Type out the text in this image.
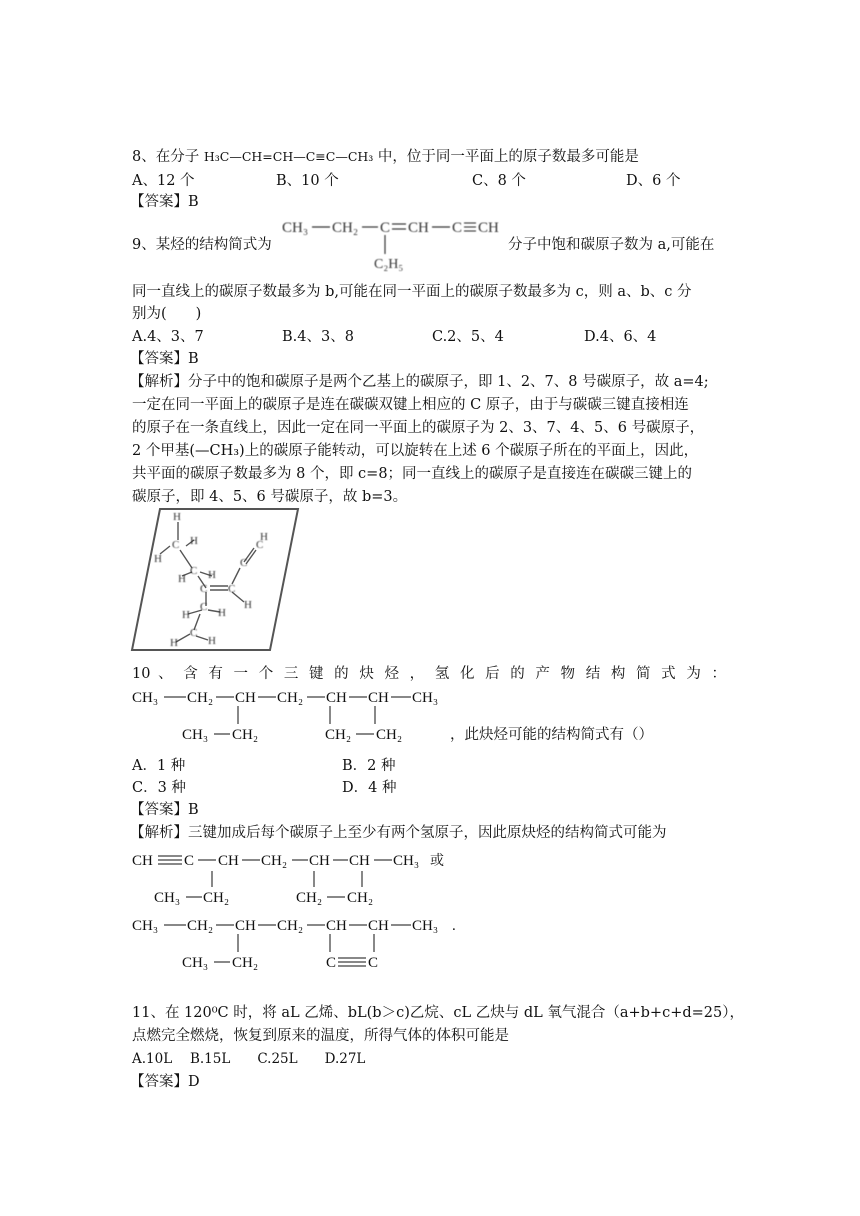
8、在分子 H₃C—CH=CH—C≡C—CH₃ 中，位于同一平面上的原子数最多可能是
A、12 个	B、10 个	C、8 个	D、6 个
【答案】B
9、某烃的结构简式为
CH₃ CH₂ C CH C CH
C₂H₅
分子中饱和碳原子数为 a,可能在
同一直线上的碳原子数最多为 b,可能在同一平面上的碳原子数最多为 c，则 a、b、c 分
别为(　　)
A.4、3、7	B.4、3、8	C.2、5、4	D.4、6、4
【答案】B
【解析】分子中的饱和碳原子是两个乙基上的碳原子，即 1、2、7、8 号碳原子，故 a=4;
一定在同一平面上的碳原子是连在碳碳双键上相应的 C 原子，由于与碳碳三键直接相连
的原子在一条直线上，因此一定在同一平面上的碳原子为 2、3、7、4、5、6 号碳原子，
2 个甲基(—CH₃)上的碳原子能转动，可以旋转在上述 6 个碳原子所在的平面上，因此，
共平面的碳原子数最多为 8 个，即 c=8；同一直线上的碳原子是直接连在碳碳三键上的
碳原子，即 4、5、6 号碳原子，故 b=3。
H
H
C H
H
C H
C C
C
C
H
H
C
H	H
C
H	H
10 、 含 有 一 个 三 键 的 炔 烃 ， 氢 化 后 的 产 物 结 构 简 式 为 ：
CH₃ CH₂ CH CH₂ CH CH CH₃
CH₃ CH₂	CH₂ CH₂	，此炔烃可能的结构简式有（）
A．1 种	B．2 种
C．3 种	D．4 种
【答案】B
【解析】三键加成后每个碳原子上至少有两个氢原子，因此原炔烃的结构简式可能为
CH C CH CH₂ CH CH CH₃ 或
CH₃ CH₂	CH₂ CH₂
CH₃ CH₂ CH CH₂ CH CH CH₃ .
CH₃ CH₂	C C
11、在 120⁰C 时，将 aL 乙烯、bL(b＞c)乙烷、cL 乙炔与 dL 氧气混合（a+b+c+d=25），
点燃完全燃烧，恢复到原来的温度，所得气体的体积可能是
A.10L　 B.15L　　C.25L　　D.27L
【答案】D
